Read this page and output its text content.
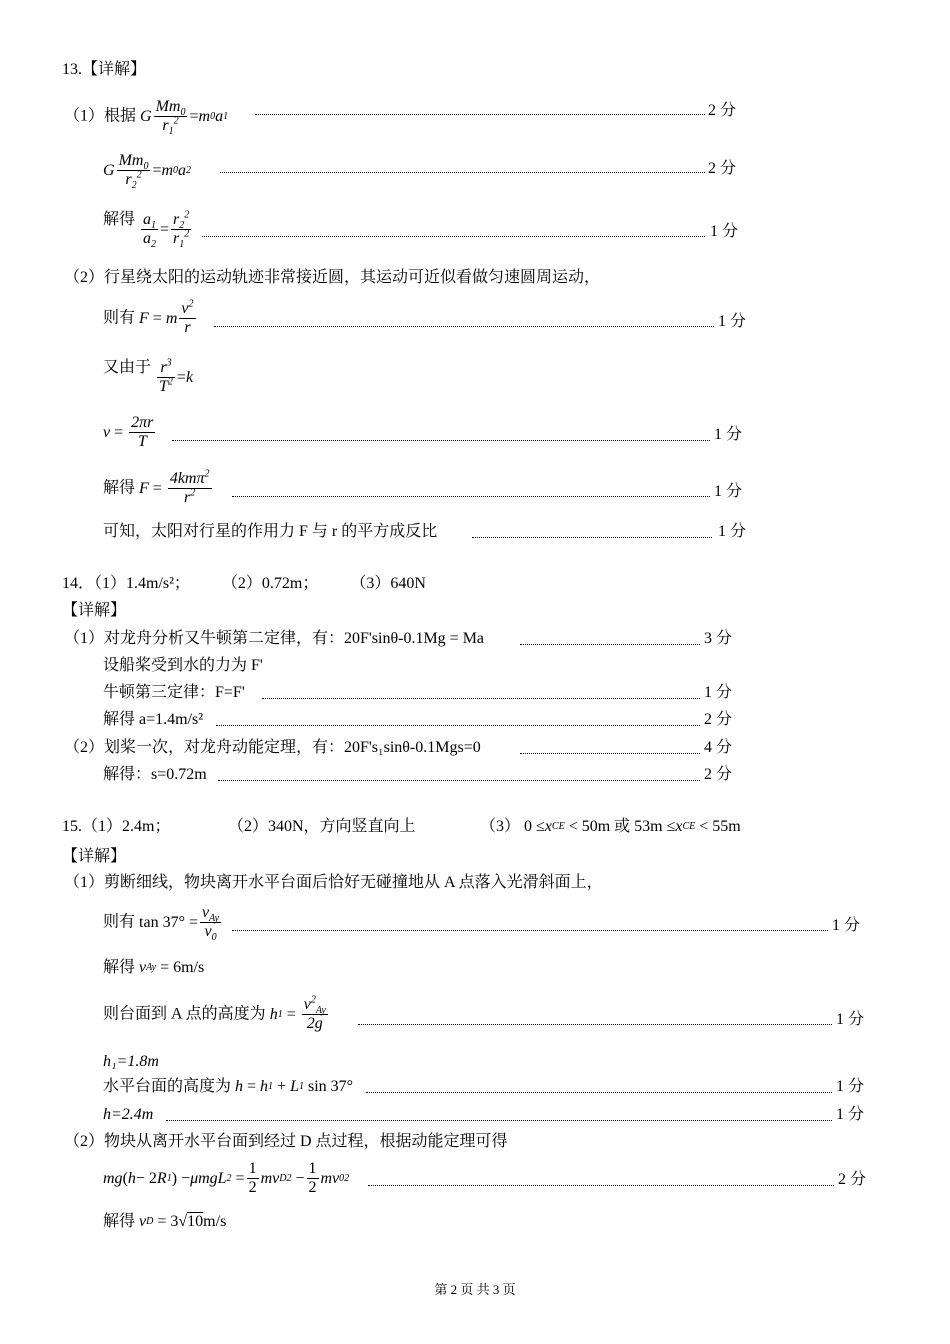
13.【详解】
（1）根据 G $\frac{Mm_0}{r_1^2} = m$ 0 a 1	2 分
G $\frac{Mm_0}{r_2^2} = m$ 0 a 2	2 分
解得 $\frac{a_1}{a_2} = \frac{r_2^2}{r_1^2}$	1 分
（2）行星绕太阳的运动轨迹非常接近圆，其运动可近似看做匀速圆周运动，
则有 F = m $\frac{v^2}{r}$	1 分
又由于 $\frac{r^3}{T^2} = k$
$v = \frac{2\pi r}{T}$	1 分
解得 $F = \frac{4km\pi^2}{r^2}$	1 分
可知，太阳对行星的作用力 F 与 r 的平方成反比	1 分
14．（1）1.4m/s²；　　　（2）0.72m；　　　（3）640N
【详解】
（1）对龙舟分析又牛顿第二定律，有：20F'sinθ-0.1Mg = Ma	3 分
设船桨受到水的力为 F'
牛顿第三定律：F=F'	1 分
解得 a=1.4m/s²	2 分
（2）划桨一次，对龙舟动能定理，有：20F's₁sinθ-0.1Mgs=0	4 分
解得：s=0.72m	2 分
15.（1）2.4m；	（2）340N，方向竖直向上	（3） 0 ≤ x CE < 50m 或 53m ≤ x CE < 55m
【详解】
（1）剪断细线，物块离开水平台面后恰好无碰撞地从 A 点落入光滑斜面上，
则有 $\tan 37^\circ = \frac{v_{Ay}}{v_0}$	1 分
解得 v Ay = 6m/s
则台面到 A 点的高度为 h $1 = \frac{v^2_{Ay}}{2g}$	1 分
h₁=1.8m
水平台面的高度为 h = h 1 + L 1 sin 37°	1 分
h=2.4m	1 分
（2）物块从离开水平台面到经过 D 点过程，根据动能定理可得
mg ( h − 2 R 1 ) − μmgL $2 = \frac{1}{2}$ mv D $2 - \frac{1}{2}$ mv 0 2	2 分
解得 v D = 3√10m/s
第 2 页 共 3 页
